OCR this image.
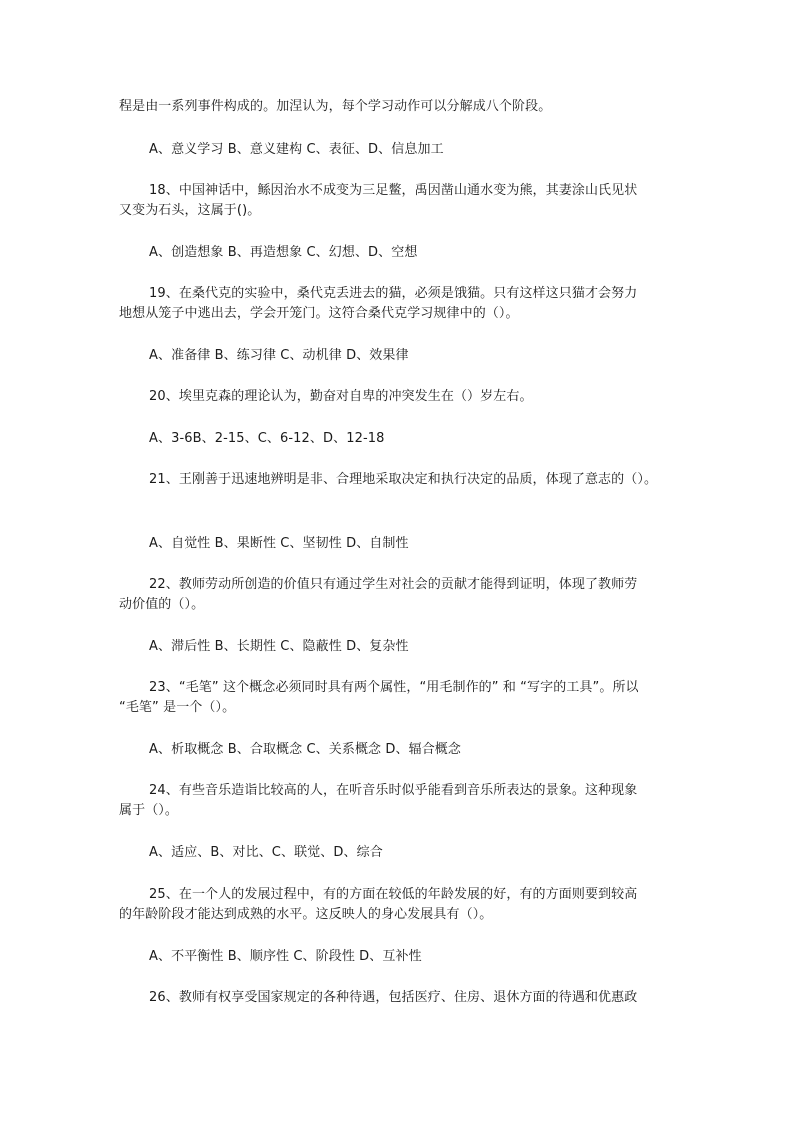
程是由一系列事件构成的。加涅认为，每个学习动作可以分解成八个阶段。
A、意义学习 B、意义建构 C、表征、D、信息加工
18、中国神话中，鲧因治水不成变为三足鳖，禹因凿山通水变为熊，其妻涂山氏见状
又变为石头，这属于()。
A、创造想象 B、再造想象 C、幻想、D、空想
19、在桑代克的实验中，桑代克丢进去的猫，必须是饿猫。只有这样这只猫才会努力
地想从笼子中逃出去，学会开笼门。这符合桑代克学习规律中的（）。
A、准备律 B、练习律 C、动机律 D、效果律
20、埃里克森的理论认为，勤奋对自卑的冲突发生在（）岁左右。
A、3-6B、2-15、C、6-12、D、12-18
21、王刚善于迅速地辨明是非、合理地采取决定和执行决定的品质，体现了意志的（）。
A、自觉性 B、果断性 C、坚韧性 D、自制性
22、教师劳动所创造的价值只有通过学生对社会的贡献才能得到证明，体现了教师劳
动价值的（）。
A、滞后性 B、长期性 C、隐蔽性 D、复杂性
23、“毛笔” 这个概念必须同时具有两个属性，“用毛制作的” 和 “写字的工具”。所以
“毛笔” 是一个（）。
A、析取概念 B、合取概念 C、关系概念 D、辐合概念
24、有些音乐造诣比较高的人，在听音乐时似乎能看到音乐所表达的景象。这种现象
属于（）。
A、适应、B、对比、C、联觉、D、综合
25、在一个人的发展过程中，有的方面在较低的年龄发展的好，有的方面则要到较高
的年龄阶段才能达到成熟的水平。这反映人的身心发展具有（）。
A、不平衡性 B、顺序性 C、阶段性 D、互补性
26、教师有权享受国家规定的各种待遇，包括医疗、住房、退休方面的待遇和优惠政
